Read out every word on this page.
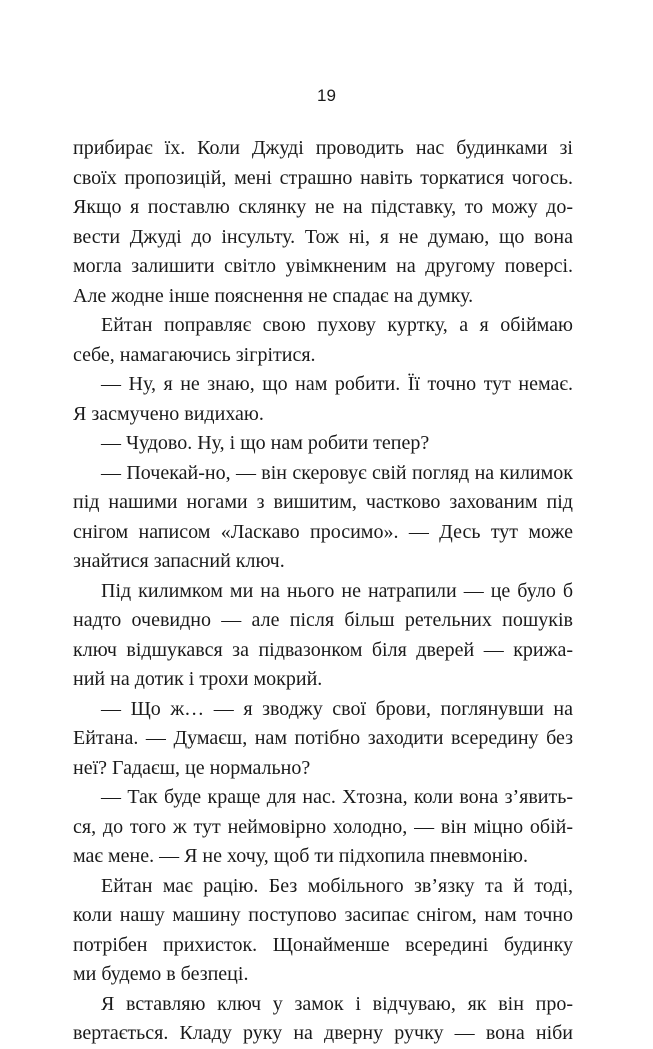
19
прибирає їх. Коли Джуді проводить нас будинками зі
своїх пропозицій, мені страшно навіть торкатися чогось.
Якщо я поставлю склянку не на підставку, то можу до-
вести Джуді до інсульту. Тож ні, я не думаю, що вона
могла залишити світло увімкненим на другому поверсі.
Але жодне інше пояснення не спадає на думку.
Ейтан поправляє свою пухову куртку, а я обіймаю
себе, намагаючись зігрітися.
— Ну, я не знаю, що нам робити. Її точно тут немає.
Я засмучено видихаю.
— Чудово. Ну, і що нам робити тепер?
— Почекай-но, — він скеровує свій погляд на килимок
під нашими ногами з вишитим, частково захованим під
снігом написом «Ласкаво просимо». — Десь тут може
знайтися запасний ключ.
Під килимком ми на нього не натрапили — це було б
надто очевидно — але після більш ретельних пошуків
ключ відшукався за підвазонком біля дверей — крижа-
ний на дотик і трохи мокрий.
— Що ж… — я зводжу свої брови, поглянувши на
Ейтана. — Думаєш, нам потібно заходити всередину без
неї? Гадаєш, це нормально?
— Так буде краще для нас. Хтозна, коли вона з’явить-
ся, до того ж тут неймовірно холодно, — він міцно обій-
має мене. — Я не хочу, щоб ти підхопила пневмонію.
Ейтан має рацію. Без мобільного зв’язку та й тоді,
коли нашу машину поступово засипає снігом, нам точно
потрібен прихисток. Щонайменше всередині будинку
ми будемо в безпеці.
Я вставляю ключ у замок і відчуваю, як він про-
вертається. Кладу руку на дверну ручку — вона ніби
